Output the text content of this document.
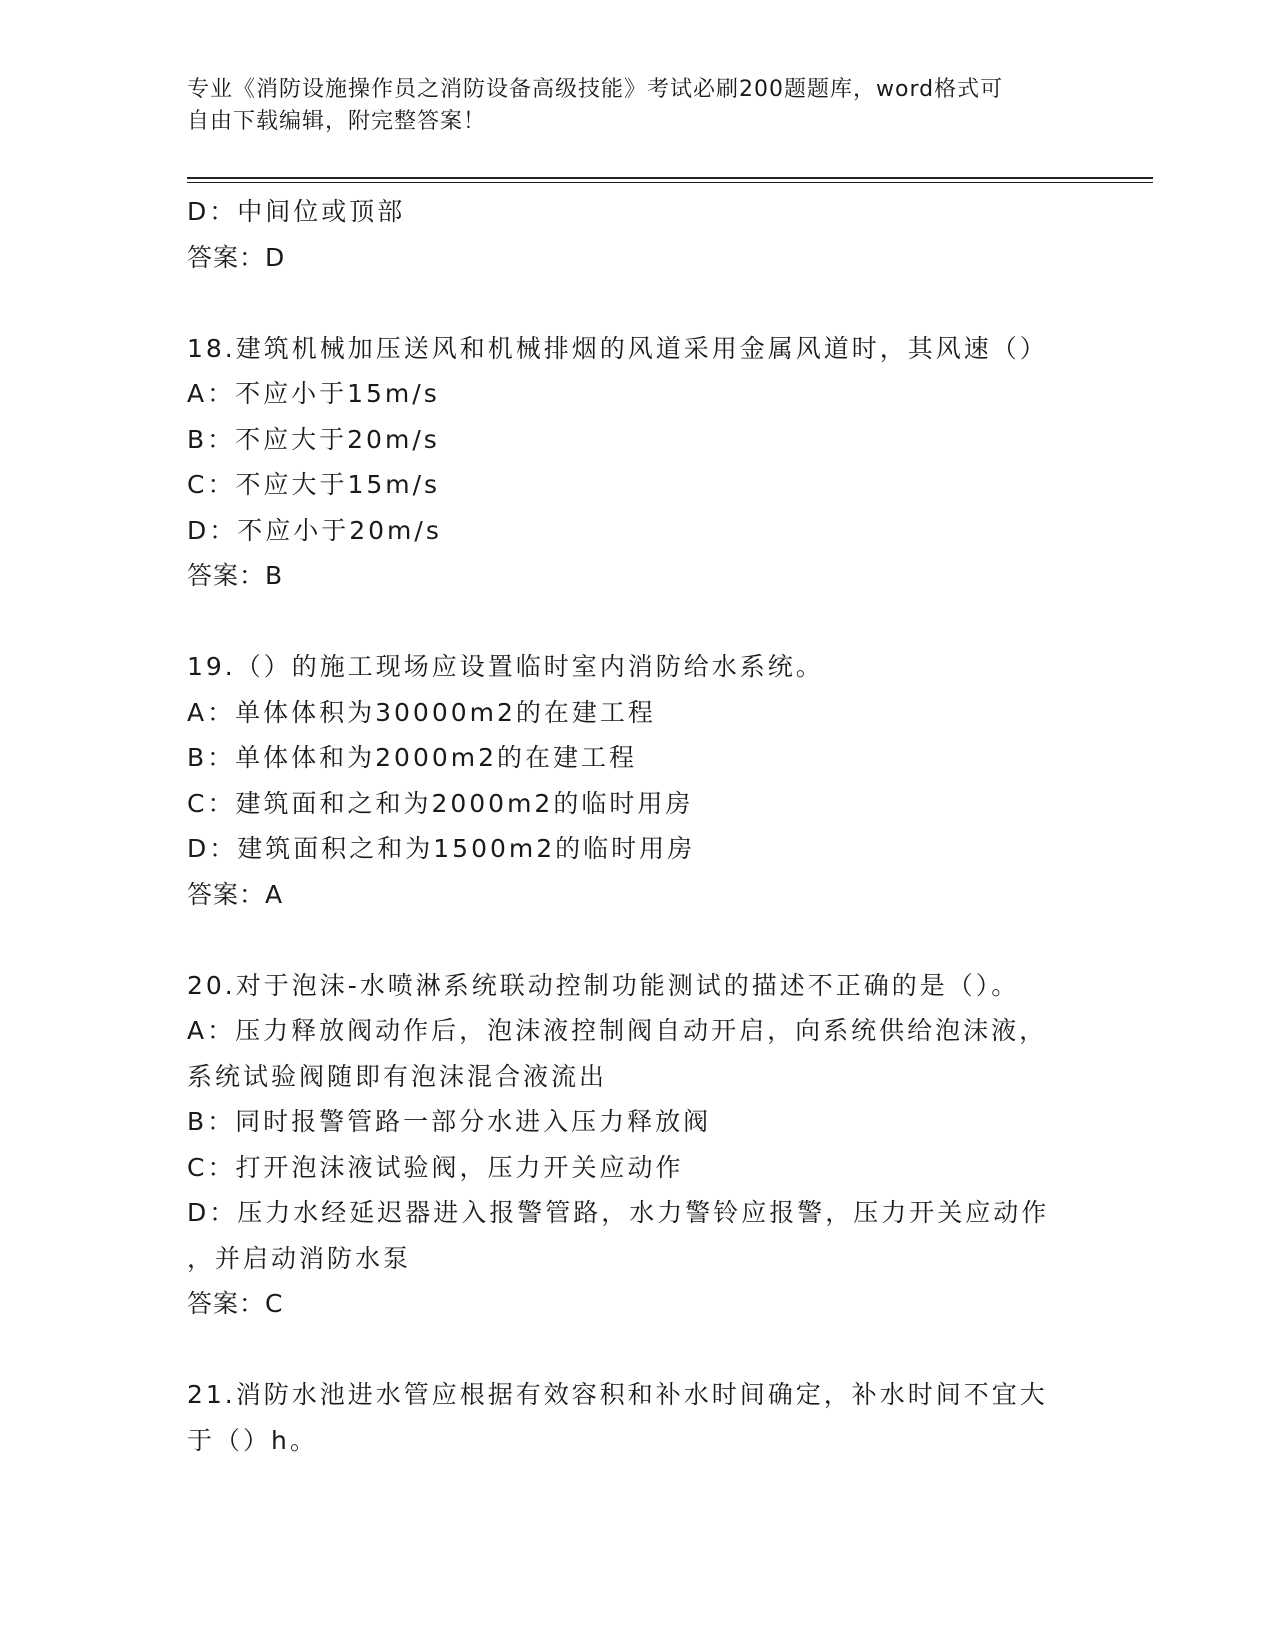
专业《消防设施操作员之消防设备高级技能》考试必刷200题题库，word格式可
自由下载编辑，附完整答案！
D：中间位或顶部
答案：D
18.建筑机械加压送风和机械排烟的风道采用金属风道时，其风速（）
A：不应小于15m/s
B：不应大于20m/s
C：不应大于15m/s
D：不应小于20m/s
答案：B
19.（）的施工现场应设置临时室内消防给水系统。
A：单体体积为30000m2的在建工程
B：单体体和为2000m2的在建工程
C：建筑面和之和为2000m2的临时用房
D：建筑面积之和为1500m2的临时用房
答案：A
20.对于泡沫-水喷淋系统联动控制功能测试的描述不正确的是（）。
A：压力释放阀动作后，泡沫液控制阀自动开启，向系统供给泡沫液，
系统试验阀随即有泡沫混合液流出
B：同时报警管路一部分水进入压力释放阀
C：打开泡沫液试验阀，压力开关应动作
D：压力水经延迟器进入报警管路，水力警铃应报警，压力开关应动作
，并启动消防水泵
答案：C
21.消防水池进水管应根据有效容积和补水时间确定，补水时间不宜大
于（）h。
